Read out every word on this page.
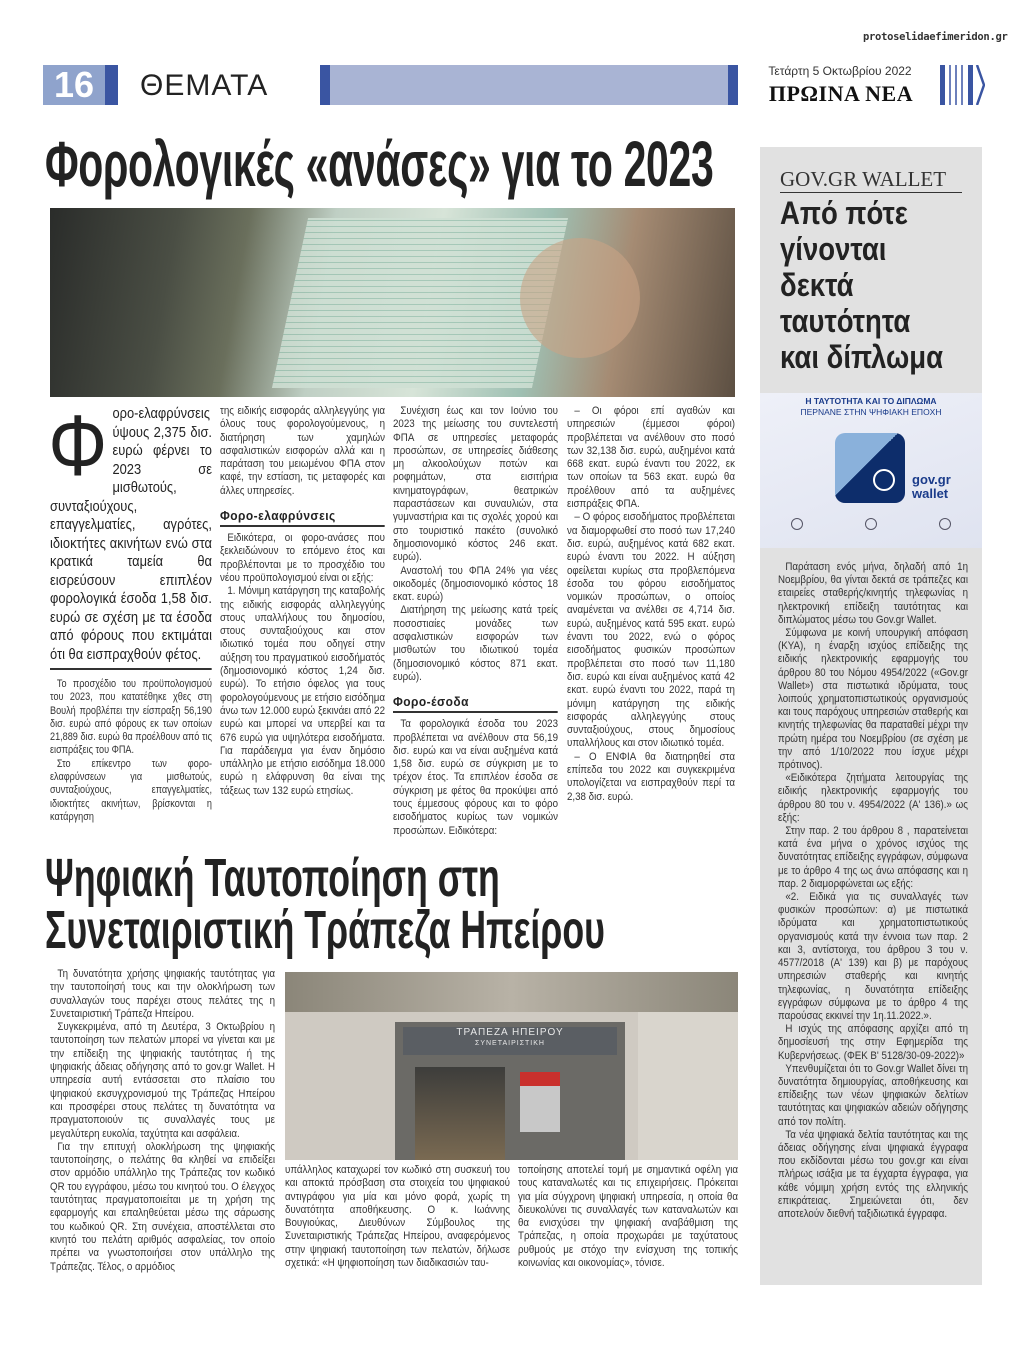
protoselidaefimeridon.gr
16	ΘΕΜΑΤΑ	Τετάρτη 5 Οκτωβρίου 2022
ΠΡΩΙΝΑ ΝΕΑ
Φορολογικές «ανάσες» για το 2023
Φ ορο-ελαφρύνσεις ύψους 2,375 δισ. ευρώ φέρνει το 2023 σε μισθωτούς, συνταξιούχους, επαγγελματίες, αγρότες, ιδιοκτήτες ακινήτων ενώ στα κρατικά ταμεία θα εισρεύσουν επιπλέον φορολογικά έσοδα 1,58 δισ. ευρώ σε σχέση με τα έσοδα από φόρους που εκτιμάται ότι θα εισπραχθούν φέτος.

Το προσχέδιο του προϋπολογισμού του 2023, που κατατέθηκε χθες στη Βουλή προβλέπει την είσπραξη 56,190 δισ. ευρώ από φόρους εκ των οποίων 21,889 δισ. ευρώ θα προέλθουν από τις εισπράξεις του ΦΠΑ.

Στο επίκεντρο των φορο-ελαφρύνσεων για μισθωτούς, συνταξιούχους, επαγγελματίες, ιδιοκτήτες ακινήτων, βρίσκονται η κατάργηση

της ειδικής εισφοράς αλληλεγγύης για όλους τους φορολογούμενους, η διατήρηση των χαμηλών ασφαλιστικών εισφορών αλλά και η παράταση του μειωμένου ΦΠΑ στον καφέ, την εστίαση, τις μεταφορές και άλλες υπηρεσίες.

Φορο-ελαφρύνσεις

Ειδικότερα, οι φορο-ανάσες που ξεκλειδώνουν το επόμενο έτος και προβλέπονται με το προσχέδιο του νέου προϋπολογισμού είναι οι εξής:

1. Μόνιμη κατάργηση της καταβολής της ειδικής εισφοράς αλληλεγγύης στους υπαλλήλους του δημοσίου, στους συνταξιούχους και στον ιδιωτικό τομέα που οδηγεί στην αύξηση του πραγματικού εισοδήματός (δημοσιονομικό κόστος 1,24 δισ. ευρώ). Το ετήσιο όφελος για τους φορολογούμενους με ετήσιο εισόδημα άνω των 12.000 ευρώ ξεκινάει από 22 ευρώ και μπορεί να υπερβεί και τα 676 ευρώ για υψηλότερα εισοδήματα. Για παράδειγμα για έναν δημόσιο υπάλληλο με ετήσιο εισόδημα 18.000 ευρώ η ελάφρυνση θα είναι της τάξεως των 132 ευρώ ετησίως.

Συνέχιση έως και τον Ιούνιο του 2023 της μείωσης του συντελεστή ΦΠΑ σε υπηρεσίες μεταφοράς προσώπων, σε υπηρεσίες διάθεσης μη αλκοολούχων ποτών και ροφημάτων, στα εισιτήρια κινηματογράφων, θεατρικών παραστάσεων και συναυλιών, στα γυμναστήρια και τις σχολές χορού και στο τουριστικό πακέτο (συνολικό δημοσιονομικό κόστος 246 εκατ. ευρώ).

Αναστολή του ΦΠΑ 24% για νέες οικοδομές (δημοσιονομικό κόστος 18 εκατ. ευρώ)

Διατήρηση της μείωσης κατά τρείς ποσοστιαίες μονάδες των ασφαλιστικών εισφορών των μισθωτών του ιδιωτικού τομέα (δημοσιονομικό κόστος 871 εκατ. ευρώ).

Φορο-έσοδα

Τα φορολογικά έσοδα του 2023 προβλέπεται να ανέλθουν στα 56,19 δισ. ευρώ και να είναι αυξημένα κατά 1,58 δισ. ευρώ σε σύγκριση με το τρέχον έτος. Τα επιπλέον έσοδα σε σύγκριση με φέτος θα προκύψει από τους έμμεσους φόρους και το φόρο εισοδήματος κυρίως των νομικών προσώπων. Ειδικότερα:

– Οι φόροι επί αγαθών και υπηρεσιών (έμμεσοι φόροι) προβλέπεται να ανέλθουν στο ποσό των 32,138 δισ. ευρώ, αυξημένοι κατά 668 εκατ. ευρώ έναντι του 2022, εκ των οποίων τα 563 εκατ. ευρώ θα προέλθουν από τα αυξημένες εισπράξεις ΦΠΑ.

– Ο φόρος εισοδήματος προβλέπεται να διαμορφωθεί στο ποσό των 17,240 δισ. ευρώ, αυξημένος κατά 682 εκατ. ευρώ έναντι του 2022. Η αύξηση οφείλεται κυρίως στα προβλεπόμενα έσοδα του φόρου εισοδήματος νομικών προσώπων, ο οποίος αναμένεται να ανέλθει σε 4,714 δισ. ευρώ, αυξημένος κατά 595 εκατ. ευρώ έναντι του 2022, ενώ ο φόρος εισοδήματος φυσικών προσώπων προβλέπεται στο ποσό των 11,180 δισ. ευρώ και είναι αυξημένος κατά 42 εκατ. ευρώ έναντι του 2022, παρά τη μόνιμη κατάργηση της ειδικής εισφοράς αλληλεγγύης στους συνταξιούχους, στους δημοσίους υπαλλήλους και στον ιδιωτικό τομέα.

– Ο ΕΝΦΙΑ θα διατηρηθεί στα επίπεδα του 2022 και συγκεκριμένα υπολογίζεται να εισπραχθούν περί τα 2,38 δισ. ευρώ.

GOV.GR WALLET
Από πότε γίνονται δεκτά ταυτότητα και δίπλωμα
Η ΤΑΥΤΟΤΗΤΑ ΚΑΙ ΤΟ ΔΙΠΛΩΜΑ
ΠΕΡΝΑΝΕ ΣΤΗΝ ΨΗΦΙΑΚΗ ΕΠΟΧΗ
gov.gr
wallet

Παράταση ενός μήνα, δηλαδή από 1η Νοεμβρίου, θα γίνται δεκτά σε τράπεζες και εταιρείες σταθερής/κινητής τηλεφωνίας η ηλεκτρονική επίδειξη ταυτότητας και διπλώματος μέσω του Gov.gr Wallet.

Σύμφωνα με κοινή υπουργική απόφαση (ΚΥΑ), η έναρξη ισχύος επίδειξης της ειδικής ηλεκτρονικής εφαρμογής του άρθρου 80 του Νόμου 4954/2022 («Gov.gr Wallet») στα πιστωτικά ιδρύματα, τους λοιπούς χρηματοπιστωτικούς οργανισμούς και τους παρόχους υπηρεσιών σταθερής και κινητής τηλεφωνίας θα παραταθεί μέχρι την πρώτη ημέρα του Νοεμβρίου (σε σχέση με την από 1/10/2022 που ίσχυε μέχρι πρότινος).

«Ειδικότερα ζητήματα λειτουργίας της ειδικής ηλεκτρονικής εφαρμογής του άρθρου 80 του ν. 4954/2022 (Α' 136).» ως εξής:

Στην παρ. 2 του άρθρου 8 , παρατείνεται κατά ένα μήνα ο χρόνος ισχύος της δυνατότητας επίδειξης εγγράφων, σύμφωνα με το άρθρο 4 της ως άνω απόφασης και η παρ. 2 διαμορφώνεται ως εξής:

«2. Ειδικά για τις συναλλαγές των φυσικών προσώπων: α) με πιστωτικά ιδρύματα και χρηματοπιστωτικούς οργανισμούς κατά την έννοια των παρ. 2 και 3, αντίστοιχα, του άρθρου 3 του ν. 4577/2018 (Α' 139) και β) με παρόχους υπηρεσιών σταθερής και κινητής τηλεφωνίας, η δυνατότητα επίδειξης εγγράφων σύμφωνα με το άρθρο 4 της παρούσας εκκινεί την 1η.11.2022.».

Η ισχύς της απόφασης αρχίζει από τη δημοσίευσή της στην Εφημερίδα της Κυβερνήσεως. (ΦΕΚ Β' 5128/30-09-2022)»

Υπενθυμίζεται ότι το Gov.gr Wallet δίνει τη δυνατότητα δημιουργίας, αποθήκευσης και επίδειξης των νέων ψηφιακών δελτίων ταυτότητας και ψηφιακών αδειών οδήγησης από τον πολίτη.

Τα νέα ψηφιακά δελτία ταυτότητας και της άδειας οδήγησης είναι ψηφιακά έγγραφα που εκδίδονται μέσω του gov.gr και είναι πλήρως ισάξια με τα έγχαρτα έγγραφα, για κάθε νόμιμη χρήση εντός της ελληνικής επικράτειας. Σημειώνεται ότι, δεν αποτελούν διεθνή ταξιδιωτικά έγγραφα.

Ψηφιακή Ταυτοποίηση στη
Συνεταιριστική Τράπεζα Ηπείρου

Τη δυνατότητα χρήσης ψηφιακής ταυτότητας για την ταυτοποίησή τους και την ολοκλήρωση των συναλλαγών τους παρέχει στους πελάτες της η Συνεταιριστική Τράπεζα Ηπείρου.

Συγκεκριμένα, από τη Δευτέρα, 3 Οκτωβρίου η ταυτοποίηση των πελατών μπορεί να γίνεται και με την επίδειξη της ψηφιακής ταυτότητας ή της ψηφιακής άδειας οδήγησης από το gov.gr Wallet. Η υπηρεσία αυτή εντάσσεται στο πλαίσιο του ψηφιακού εκσυγχρονισμού της Τράπεζας Ηπείρου και προσφέρει στους πελάτες τη δυνατότητα να πραγματοποιούν τις συναλλαγές τους με μεγαλύτερη ευκολία, ταχύτητα και ασφάλεια.

Για την επιτυχή ολοκλήρωση της ψηφιακής ταυτοποίησης, ο πελάτης θα κληθεί να επιδείξει στον αρμόδιο υπάλληλο της Τράπεζας τον κωδικό QR του εγγράφου, μέσω του κινητού του. Ο έλεγχος ταυτότητας πραγματοποιείται με τη χρήση της εφαρμογής και επαληθεύεται μέσω της σάρωσης του κωδικού QR. Στη συνέχεια, αποστέλλεται στο κινητό του πελάτη αριθμός ασφαλείας, τον οποίο πρέπει να γνωστοποιήσει στον υπάλληλο της Τράπεζας. Τέλος, ο αρμόδιος

ΤΡΑΠΕΖΑ ΗΠΕΙΡΟΥ
ΣΥΝΕΤΑΙΡΙΣΤΙΚΗ

υπάλληλος καταχωρεί τον κωδικό στη συσκευή του και αποκτά πρόσβαση στα στοιχεία του ψηφιακού αντιγράφου για μία και μόνο φορά, χωρίς τη δυνατότητα αποθήκευσης. Ο κ. Ιωάννης Βουγιούκας, Διευθύνων Σύμβουλος της Συνεταιριστικής Τράπεζας Ηπείρου, αναφερόμενος στην ψηφιακή ταυτοποίηση των πελατών, δήλωσε σχετικά: «Η ψηφιοποίηση των διαδικασιών ταυ-

τοποίησης αποτελεί τομή με σημαντικά οφέλη για τους καταναλωτές και τις επιχειρήσεις. Πρόκειται για μία σύγχρονη ψηφιακή υπηρεσία, η οποία θα διευκολύνει τις συναλλαγές των καταναλωτών και θα ενισχύσει την ψηφιακή αναβάθμιση της Τράπεζας, η οποία προχωράει με ταχύτατους ρυθμούς με στόχο την ενίσχυση της τοπικής κοινωνίας και οικονομίας», τόνισε.
